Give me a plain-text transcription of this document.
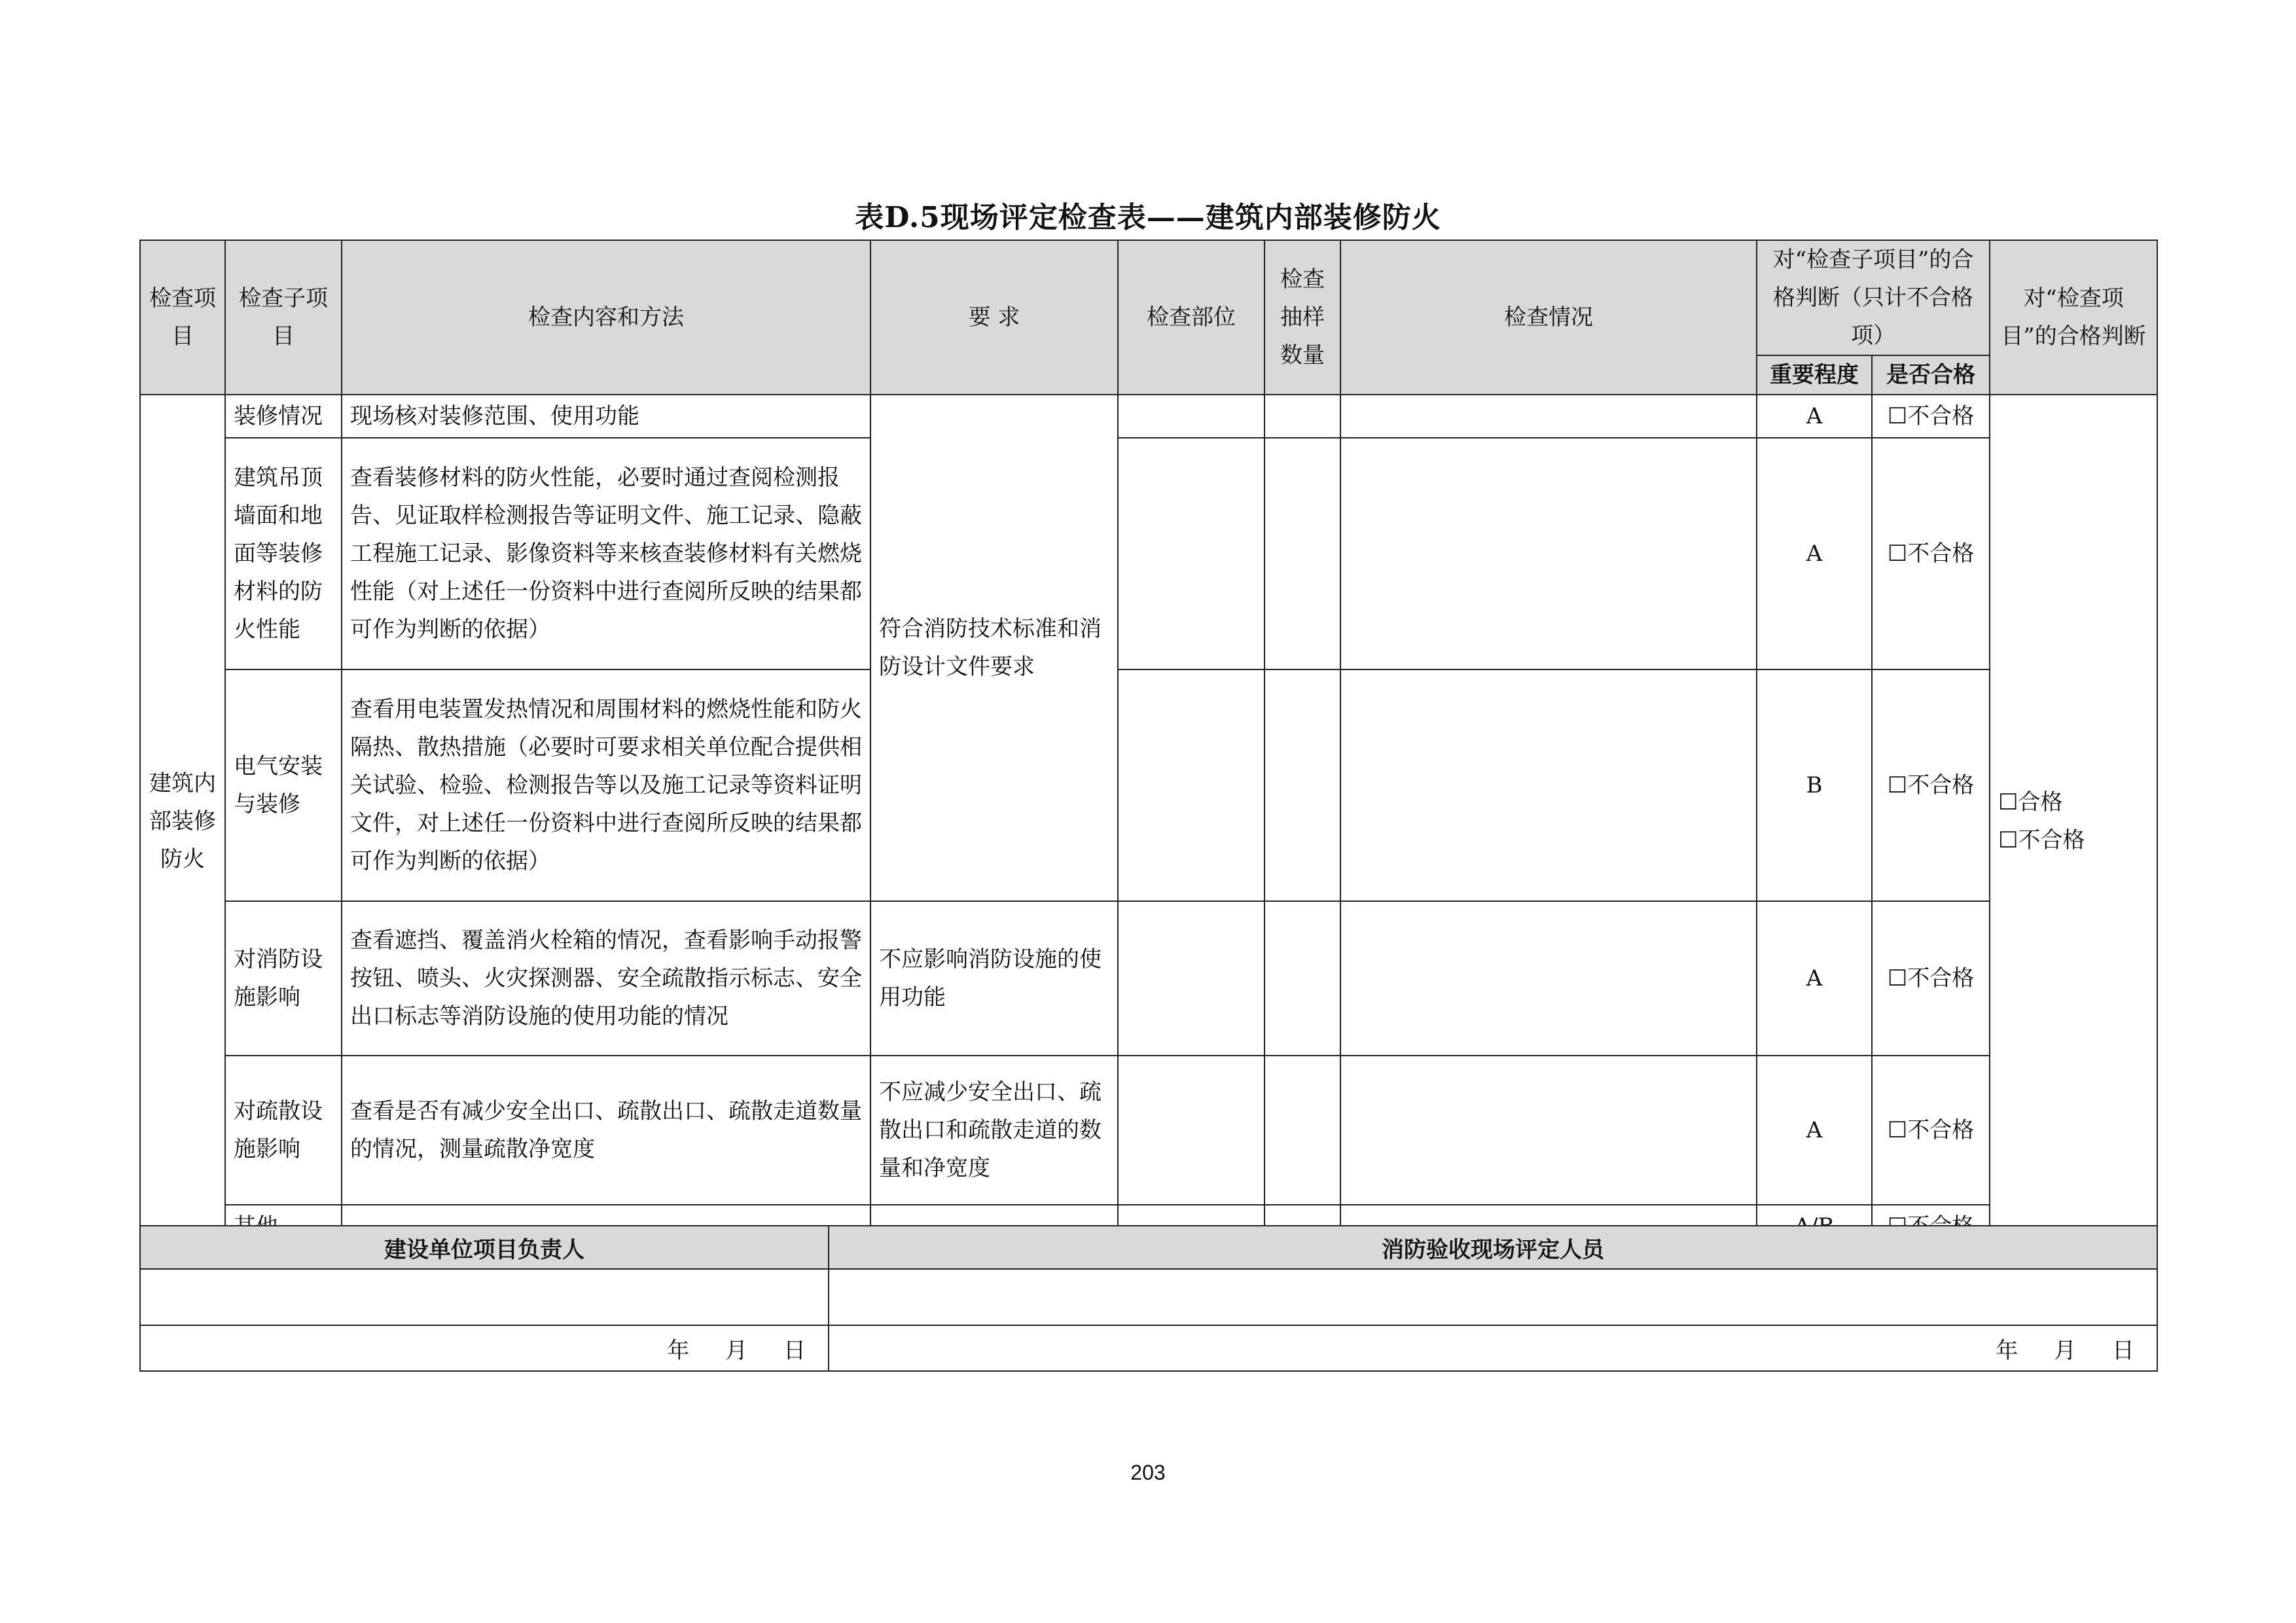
表D.5现场评定检查表——建筑内部装修防火
检查项目	检查子项目	检查内容和方法	要 求	检查部位	检查抽样数量	检查情况	对“检查子项目”的合格判断（只计不合格项）		对“检查项目”的合格判断
							重要程度	是否合格	
建筑内部装修防火	装修情况	现场核对装修范围、使用功能	符合消防技术标准和消防设计文件要求				A	☐不合格	☐合格
☐不合格

	建筑吊顶墙面和地面等装修材料的防火性能	查看装修材料的防火性能，必要时通过查阅检测报告、见证取样检测报告等证明文件、施工记录、隐蔽工程施工记录、影像资料等来核查装修材料有关燃烧性能（对上述任一份资料中进行查阅所反映的结果都可作为判断的依据）					A	☐不合格	
	电气安装与装修	查看用电装置发热情况和周围材料的燃烧性能和防火隔热、散热措施（必要时可要求相关单位配合提供相关试验、检验、检测报告等以及施工记录等资料证明文件，对上述任一份资料中进行查阅所反映的结果都可作为判断的依据）					B	☐不合格	
	对消防设施影响	查看遮挡、覆盖消火栓箱的情况，查看影响手动报警按钮、喷头、火灾探测器、安全疏散指示标志、安全出口标志等消防设施的使用功能的情况	不应影响消防设施的使用功能				A	☐不合格	
	对疏散设施影响	查看是否有减少安全出口、疏散出口、疏散走道数量的情况，测量疏散净宽度	不应减少安全出口、疏散出口和疏散走道的数量和净宽度				A	☐不合格	

建设单位项目负责人	消防验收现场评定人员

年 月 日	年 月 日
203
